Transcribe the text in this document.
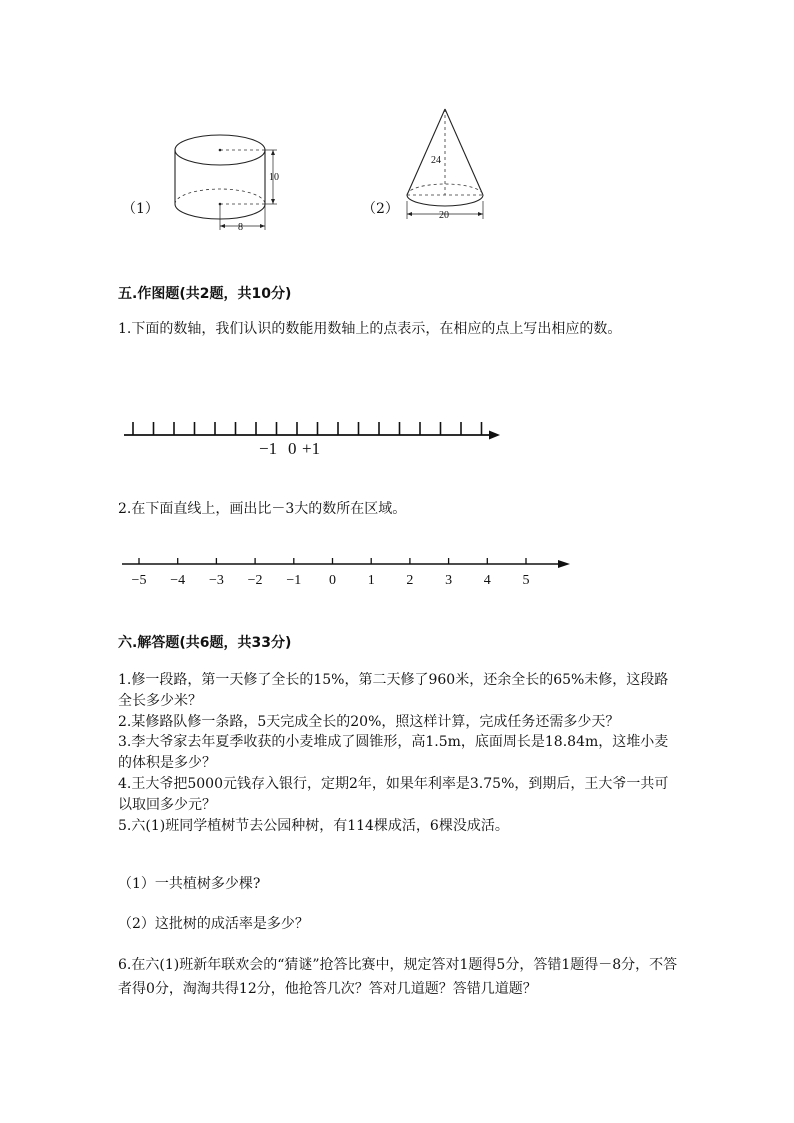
（1）
10
8
（2）
24
20
五.作图题(共2题，共10分)
1.下面的数轴，我们认识的数能用数轴上的点表示，在相应的点上写出相应的数。
−1 0 +1
2.在下面直线上，画出比－3大的数所在区域。
−5 −4 −3 −2 −1 0 1 2 3 4 5
六.解答题(共6题，共33分)
1.修一段路，第一天修了全长的15%，第二天修了960米，还余全长的65%未修，这段路全长多少米？
2.某修路队修一条路，5天完成全长的20%，照这样计算，完成任务还需多少天？
3.李大爷家去年夏季收获的小麦堆成了圆锥形，高1.5m，底面周长是18.84m，这堆小麦的体积是多少？
4.王大爷把5000元钱存入银行，定期2年，如果年利率是3.75%，到期后，王大爷一共可以取回多少元？
5.六(1)班同学植树节去公园种树，有114棵成活，6棵没成活。
（1）一共植树多少棵?
（2）这批树的成活率是多少？
6.在六(1)班新年联欢会的“猜谜”抢答比赛中，规定答对1题得5分，答错1题得－8分，不答者得0分，淘淘共得12分，他抢答几次？答对几道题？答错几道题？
